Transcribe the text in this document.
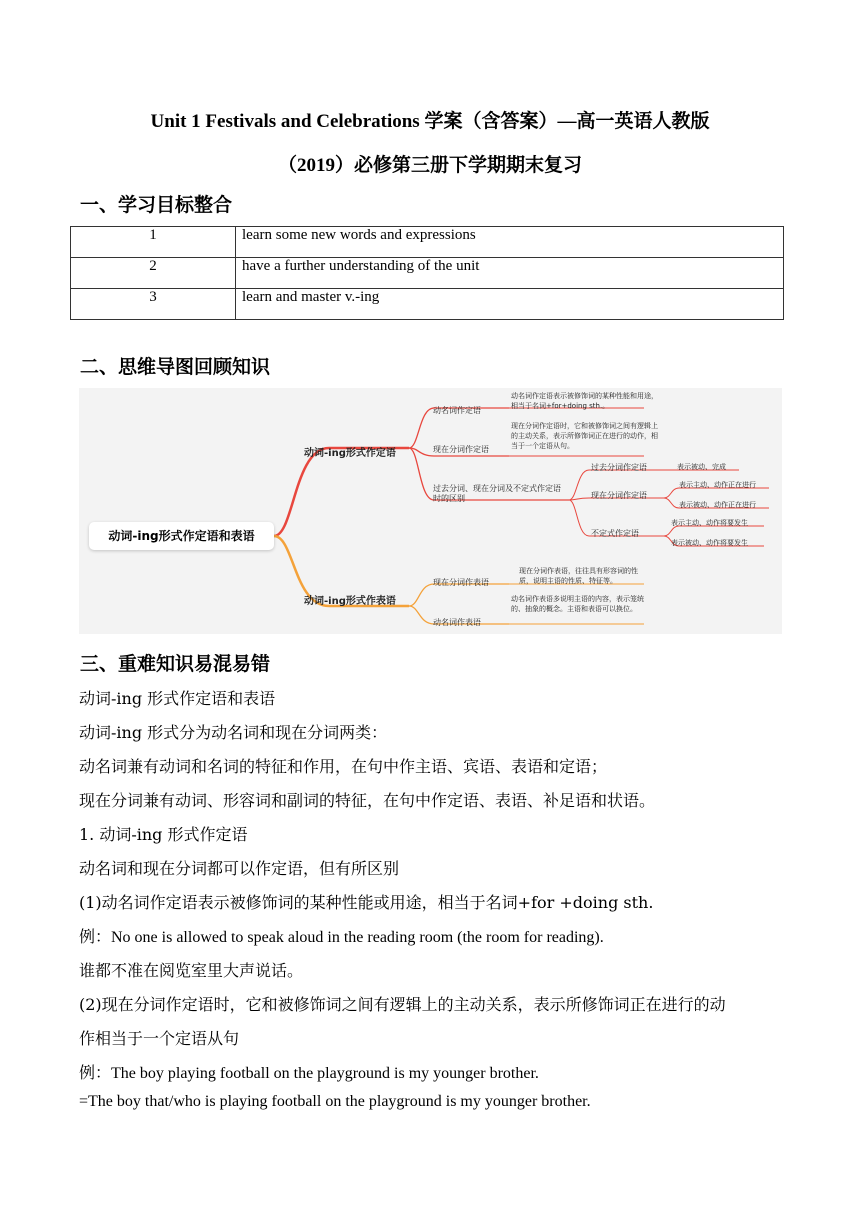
Unit 1 Festivals and Celebrations 学案（含答案）—高一英语人教版
（2019）必修第三册下学期期末复习
一、学习目标整合
1	learn some new words and expressions
2	have a further understanding of the unit
3	learn and master v.-ing
二、思维导图回顾知识
动词-ing形式作定语和表语
动词-ing形式作定语
动词-ing形式作表语
动名词作定语
动名词作定语表示被修饰词的某种性能和用途，相当于名词+for+doing sth.。
现在分词作定语
现在分词作定语时，它和被修饰词之间有逻辑上的主动关系，表示所修饰词正在进行的动作，相当于一个定语从句。
过去分词、现在分词及不定式作定语时的区别
过去分词作定语	表示被动、完成
现在分词作定语
表示主动、动作正在进行
表示被动、动作正在进行
不定式作定语
表示主动、动作将要发生
表示被动、动作将要发生
现在分词作表语
现在分词作表语，往往具有形容词的性质，说明主语的性质、特征等。
动名词作表语
动名词作表语多说明主语的内容，表示笼统的、抽象的概念。主语和表语可以换位。
三、重难知识易混易错
动词-ing 形式作定语和表语
动词-ing 形式分为动名词和现在分词两类：
动名词兼有动词和名词的特征和作用，在句中作主语、宾语、表语和定语；
现在分词兼有动词、形容词和副词的特征，在句中作定语、表语、补足语和状语。
1. 动词-ing 形式作定语
动名词和现在分词都可以作定语，但有所区别
(1)动名词作定语表示被修饰词的某种性能或用途，相当于名词+for +doing sth.
例：No one is allowed to speak aloud in the reading room (the room for reading).
谁都不准在阅览室里大声说话。
(2)现在分词作定语时，它和被修饰词之间有逻辑上的主动关系，表示所修饰词正在进行的动
作相当于一个定语从句
例：The boy playing football on the playground is my younger brother.
=The boy that/who is playing football on the playground is my younger brother.
